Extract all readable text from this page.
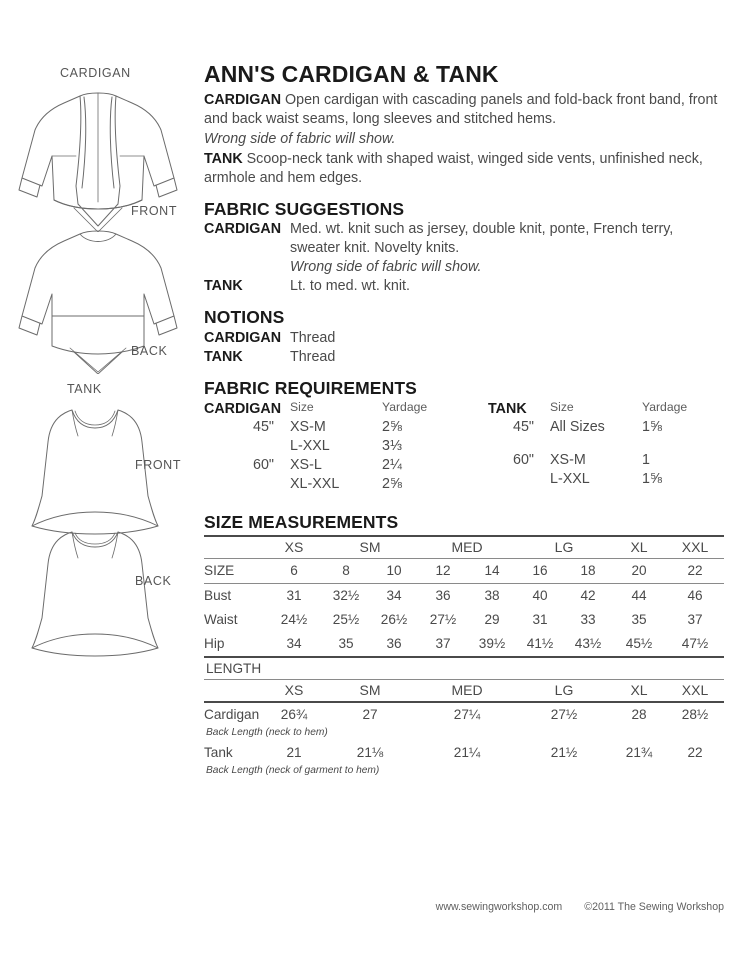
CARDIGAN
FRONT
BACK
TANK
FRONT
BACK
ANN'S CARDIGAN & TANK

CARDIGAN Open cardigan with cascading panels and fold-back front band, front and back waist seams, long sleeves and stitched hems.

Wrong side of fabric will show.

TANK Scoop-neck tank with shaped waist, winged side vents, unfinished neck, armhole and hem edges.

FABRIC SUGGESTIONS
CARDIGAN Med. wt. knit such as jersey, double knit, ponte, French terry,
sweater knit. Novelty knits.
Wrong side of fabric will show.
TANK	Lt. to med. wt. knit.
NOTIONS
CARDIGAN Thread
TANK	Thread
FABRIC REQUIREMENTS
CARDIGAN Size	Yardage
45"	XS-M	2⅝
L-XXL	3⅓
60"	XS-L	2¼
XL-XXL	2⅝
TANK	Size	Yardage
45"	All Sizes	1⅝
60"	XS-M	1
L-XXL	1⅝
SIZE MEASUREMENTS
	XS	SM		MED		LG		XL	XXL
SIZE	6	8	10	12	14	16	18	20	22
Bust	31	32½	34	36	38	40	42	44	46
Waist	24½	25½	26½	27½	29	31	33	35	37
Hip	34	35	36	37	39½	41½	43½	45½	47½
LENGTH									
	XS	SM		MED		LG		XL	XXL
Cardigan	26¾	27		27¼		27½		28	28½
Back Length (neck to hem)									
Tank	21	21⅛		21¼		21½		21¾	22
Back Length (neck of garment to hem)									
www.sewingworkshop.com ©2011 The Sewing Workshop
